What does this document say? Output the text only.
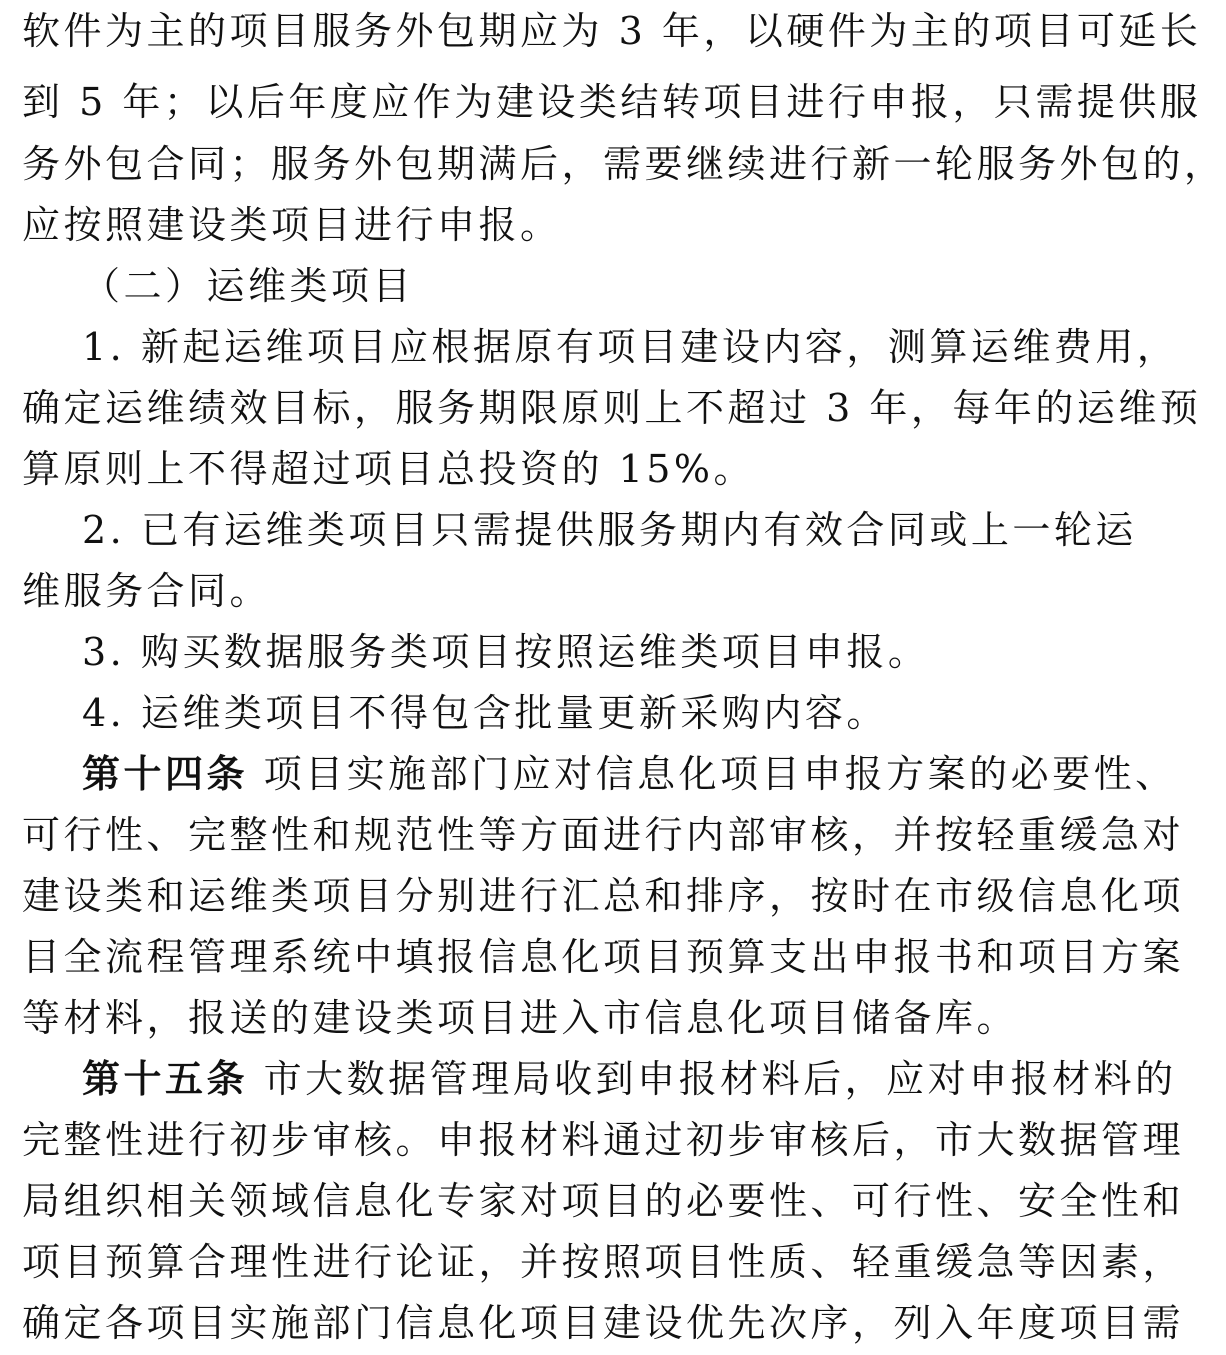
软件为主的项目服务外包期应为 3 年，以硬件为主的项目可延长
到 5 年；以后年度应作为建设类结转项目进行申报，只需提供服
务外包合同；服务外包期满后，需要继续进行新一轮服务外包的，
应按照建设类项目进行申报。
（二）运维类项目
1. 新起运维项目应根据原有项目建设内容，测算运维费用，
确定运维绩效目标，服务期限原则上不超过 3 年，每年的运维预
算原则上不得超过项目总投资的 15%。
2. 已有运维类项目只需提供服务期内有效合同或上一轮运
维服务合同。
3. 购买数据服务类项目按照运维类项目申报。
4. 运维类项目不得包含批量更新采购内容。
第十四条 项目实施部门应对信息化项目申报方案的必要性、
可行性、完整性和规范性等方面进行内部审核，并按轻重缓急对
建设类和运维类项目分别进行汇总和排序，按时在市级信息化项
目全流程管理系统中填报信息化项目预算支出申报书和项目方案
等材料，报送的建设类项目进入市信息化项目储备库。
第十五条 市大数据管理局收到申报材料后，应对申报材料的
完整性进行初步审核。申报材料通过初步审核后，市大数据管理
局组织相关领域信息化专家对项目的必要性、可行性、安全性和
项目预算合理性进行论证，并按照项目性质、轻重缓急等因素，
确定各项目实施部门信息化项目建设优先次序，列入年度项目需
